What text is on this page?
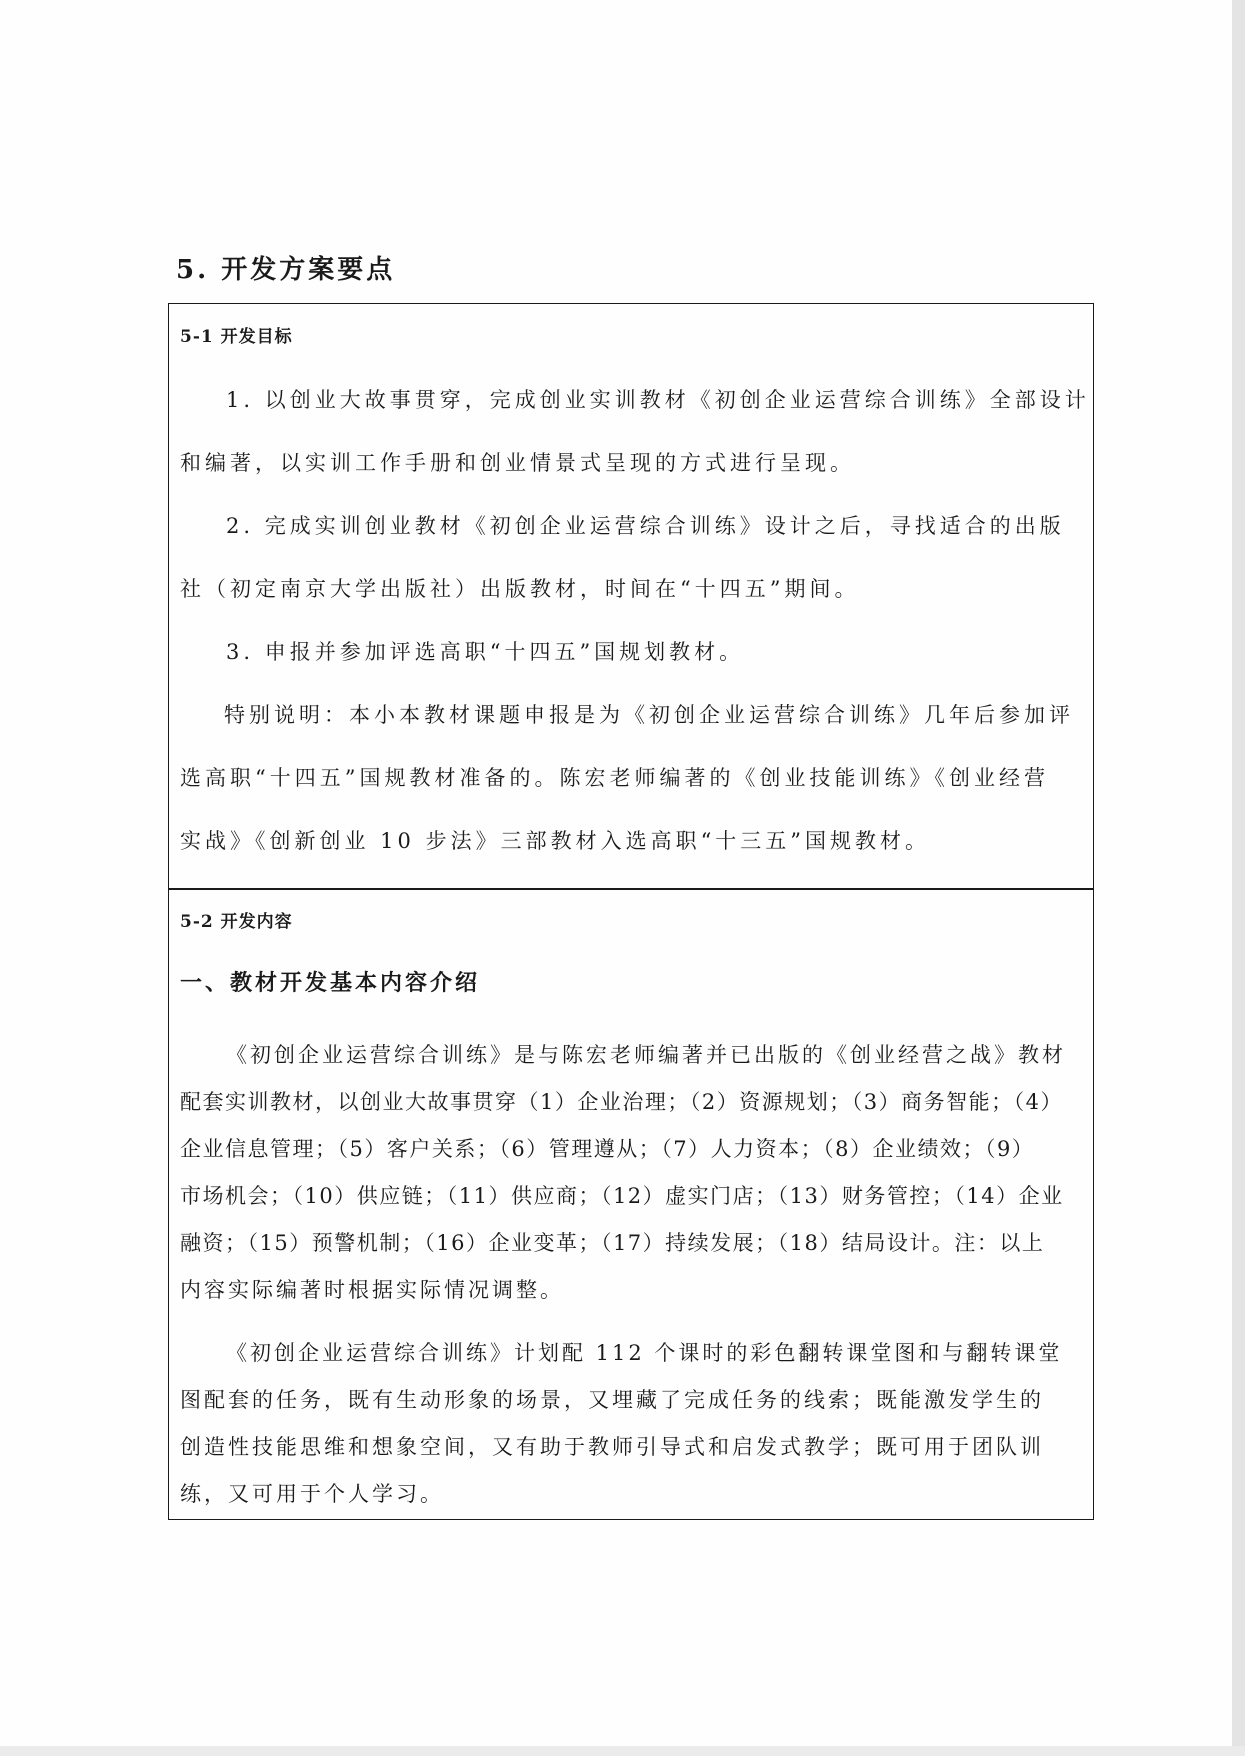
5. 开发方案要点
5-1 开发目标
1. 以创业大故事贯穿，完成创业实训教材《初创企业运营综合训练》全部设计
和编著，以实训工作手册和创业情景式呈现的方式进行呈现。
2. 完成实训创业教材《初创企业运营综合训练》设计之后，寻找适合的出版
社（初定南京大学出版社）出版教材，时间在“十四五”期间。
3. 申报并参加评选高职“十四五”国规划教材。
特别说明：本小本教材课题申报是为《初创企业运营综合训练》几年后参加评
选高职“十四五”国规教材准备的。陈宏老师编著的《创业技能训练》《创业经营
实战》《创新创业 10 步法》三部教材入选高职“十三五”国规教材。
5-2 开发内容
一、教材开发基本内容介绍
《初创企业运营综合训练》是与陈宏老师编著并已出版的《创业经营之战》教材
配套实训教材，以创业大故事贯穿（1）企业治理；（2）资源规划；（3）商务智能；（4）
企业信息管理；（5）客户关系；（6）管理遵从；（7）人力资本；（8）企业绩效；（9）
市场机会；（10）供应链；（11）供应商；（12）虚实门店；（13）财务管控；（14）企业
融资；（15）预警机制；（16）企业变革；（17）持续发展；（18）结局设计。注：以上
内容实际编著时根据实际情况调整。
《初创企业运营综合训练》计划配 112 个课时的彩色翻转课堂图和与翻转课堂
图配套的任务，既有生动形象的场景，又埋藏了完成任务的线索；既能激发学生的
创造性技能思维和想象空间，又有助于教师引导式和启发式教学；既可用于团队训
练，又可用于个人学习。
